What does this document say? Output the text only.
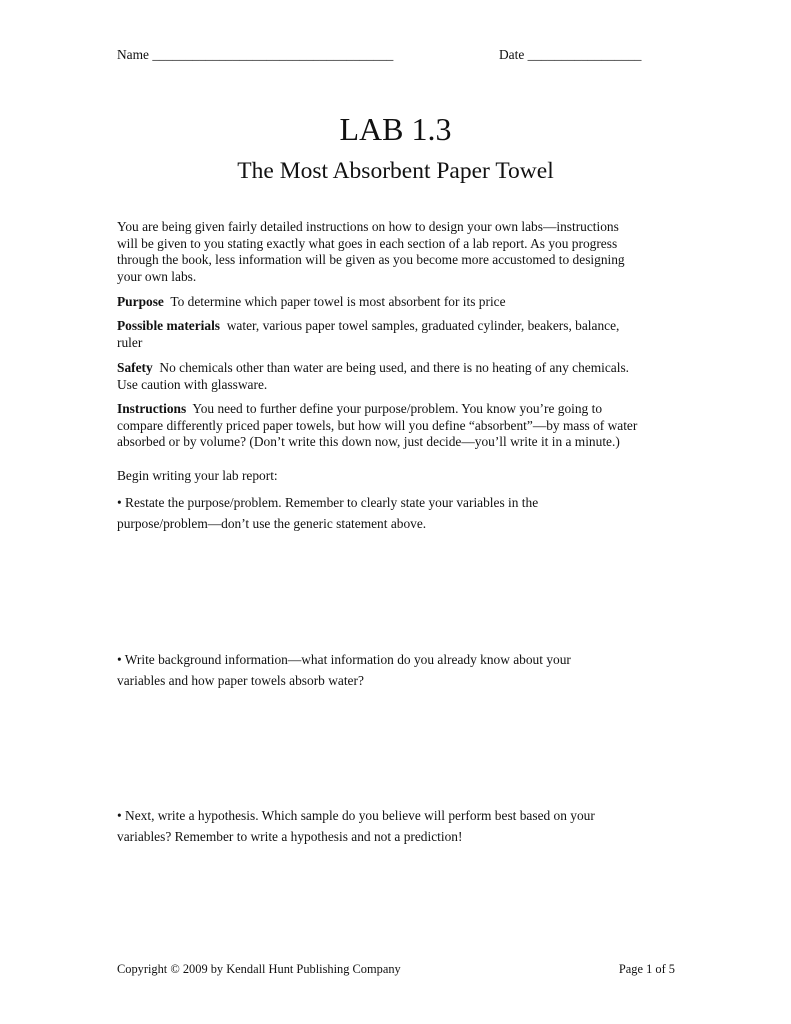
Name ____________________________________	Date _________________
LAB 1.3
The Most Absorbent Paper Towel
You are being given fairly detailed instructions on how to design your own labs—instructions
will be given to you stating exactly what goes in each section of a lab report. As you progress
through the book, less information will be given as you become more accustomed to designing
your own labs.
Purpose To determine which paper towel is most absorbent for its price
Possible materials water, various paper towel samples, graduated cylinder, beakers, balance,
ruler
Safety No chemicals other than water are being used, and there is no heating of any chemicals.
Use caution with glassware.
Instructions You need to further define your purpose/problem. You know you’re going to
compare differently priced paper towels, but how will you define “absorbent”—by mass of water
absorbed or by volume? (Don’t write this down now, just decide—you’ll write it in a minute.)
Begin writing your lab report:
• Restate the purpose/problem. Remember to clearly state your variables in the
purpose/problem—don’t use the generic statement above.
• Write background information—what information do you already know about your
variables and how paper towels absorb water?
• Next, write a hypothesis. Which sample do you believe will perform best based on your
variables? Remember to write a hypothesis and not a prediction!
Copyright © 2009 by Kendall Hunt Publishing Company	Page 1 of 5
